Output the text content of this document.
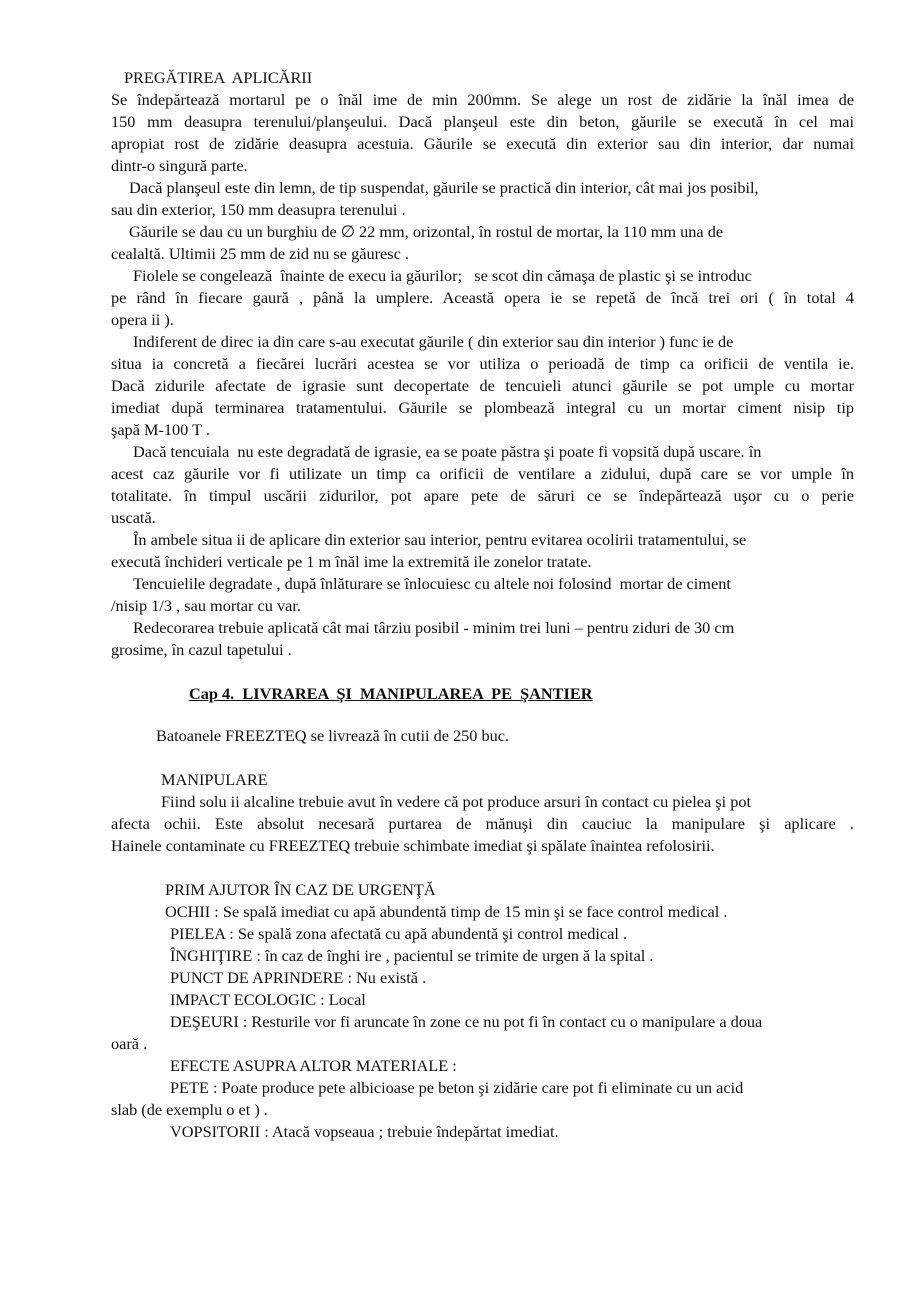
PREGĂTIREA  APLICĂRII
Se îndepărtează mortarul pe o înăl ime de min 200mm. Se alege un rost de zidărie la înăl imea de
150 mm deasupra terenului/planşeului. Dacă planşeul este din beton, găurile se execută în cel mai
apropiat rost de zidărie deasupra acestuia. Găurile se execută din exterior sau din interior, dar numai
dintr-o singură parte.
Dacă planşeul este din lemn, de tip suspendat, găurile se practică din interior, cât mai jos posibil,
sau din exterior, 150 mm deasupra terenului .
Găurile se dau cu un burghiu de ∅ 22 mm, orizontal, în rostul de mortar, la 110 mm una de
cealaltă. Ultimii 25 mm de zid nu se găuresc .
Fiolele se congelează  înainte de execu ia găurilor;   se scot din cămaşa de plastic şi se introduc
pe rând în fiecare gaură , până la umplere. Această opera ie se repetă de încă trei ori ( în total 4
opera ii ).
Indiferent de direc ia din care s-au executat găurile ( din exterior sau din interior ) func ie de
situa ia concretă a fiecărei lucrări acestea se vor utiliza o perioadă de timp ca orificii de ventila ie.
Dacă zidurile afectate de igrasie sunt decopertate de tencuieli atunci găurile se pot umple cu mortar
imediat după terminarea tratamentului. Găurile se plombează integral cu un mortar ciment nisip tip
şapă M-100 T .
Dacă tencuiala  nu este degradată de igrasie, ea se poate păstra şi poate fi vopsită după uscare. în
acest caz găurile vor fi utilizate un timp ca orificii de ventilare a zidului, după care se vor umple în
totalitate. în timpul uscării zidurilor, pot apare pete de săruri ce se îndepărtează uşor cu o perie
uscată.
În ambele situa ii de aplicare din exterior sau interior, pentru evitarea ocolirii tratamentului, se
execută închideri verticale pe 1 m înăl ime la extremită ile zonelor tratate.
Tencuielile degradate , după înlăturare se înlocuiesc cu altele noi folosind  mortar de ciment
/nisip 1/3 , sau mortar cu var.
Redecorarea trebuie aplicată cât mai târziu posibil - minim trei luni – pentru ziduri de 30 cm
grosime, în cazul tapetului .
Cap 4.  LIVRAREA  ŞI  MANIPULAREA  PE  ŞANTIER
Batoanele FREEZTEQ se livrează în cutii de 250 buc.
MANIPULARE
Fiind solu ii alcaline trebuie avut în vedere că pot produce arsuri în contact cu pielea şi pot
afecta ochii. Este absolut necesară purtarea de mănuşi din cauciuc la manipulare şi aplicare .
Hainele contaminate cu FREEZTEQ trebuie schimbate imediat şi spălate înaintea refolosirii.
PRIM AJUTOR ÎN CAZ DE URGENŢĂ
OCHII : Se spală imediat cu apă abundentă timp de 15 min şi se face control medical .
PIELEA : Se spală zona afectată cu apă abundentă şi control medical .
ÎNGHIŢIRE : în caz de înghi ire , pacientul se trimite de urgen ă la spital .
PUNCT DE APRINDERE : Nu există .
IMPACT ECOLOGIC : Local
DEŞEURI : Resturile vor fi aruncate în zone ce nu pot fi în contact cu o manipulare a doua
oară .
EFECTE ASUPRA ALTOR MATERIALE :
PETE : Poate produce pete albicioase pe beton şi zidărie care pot fi eliminate cu un acid
slab (de exemplu o et ) .
VOPSITORII : Atacă vopseaua ; trebuie îndepărtat imediat.
